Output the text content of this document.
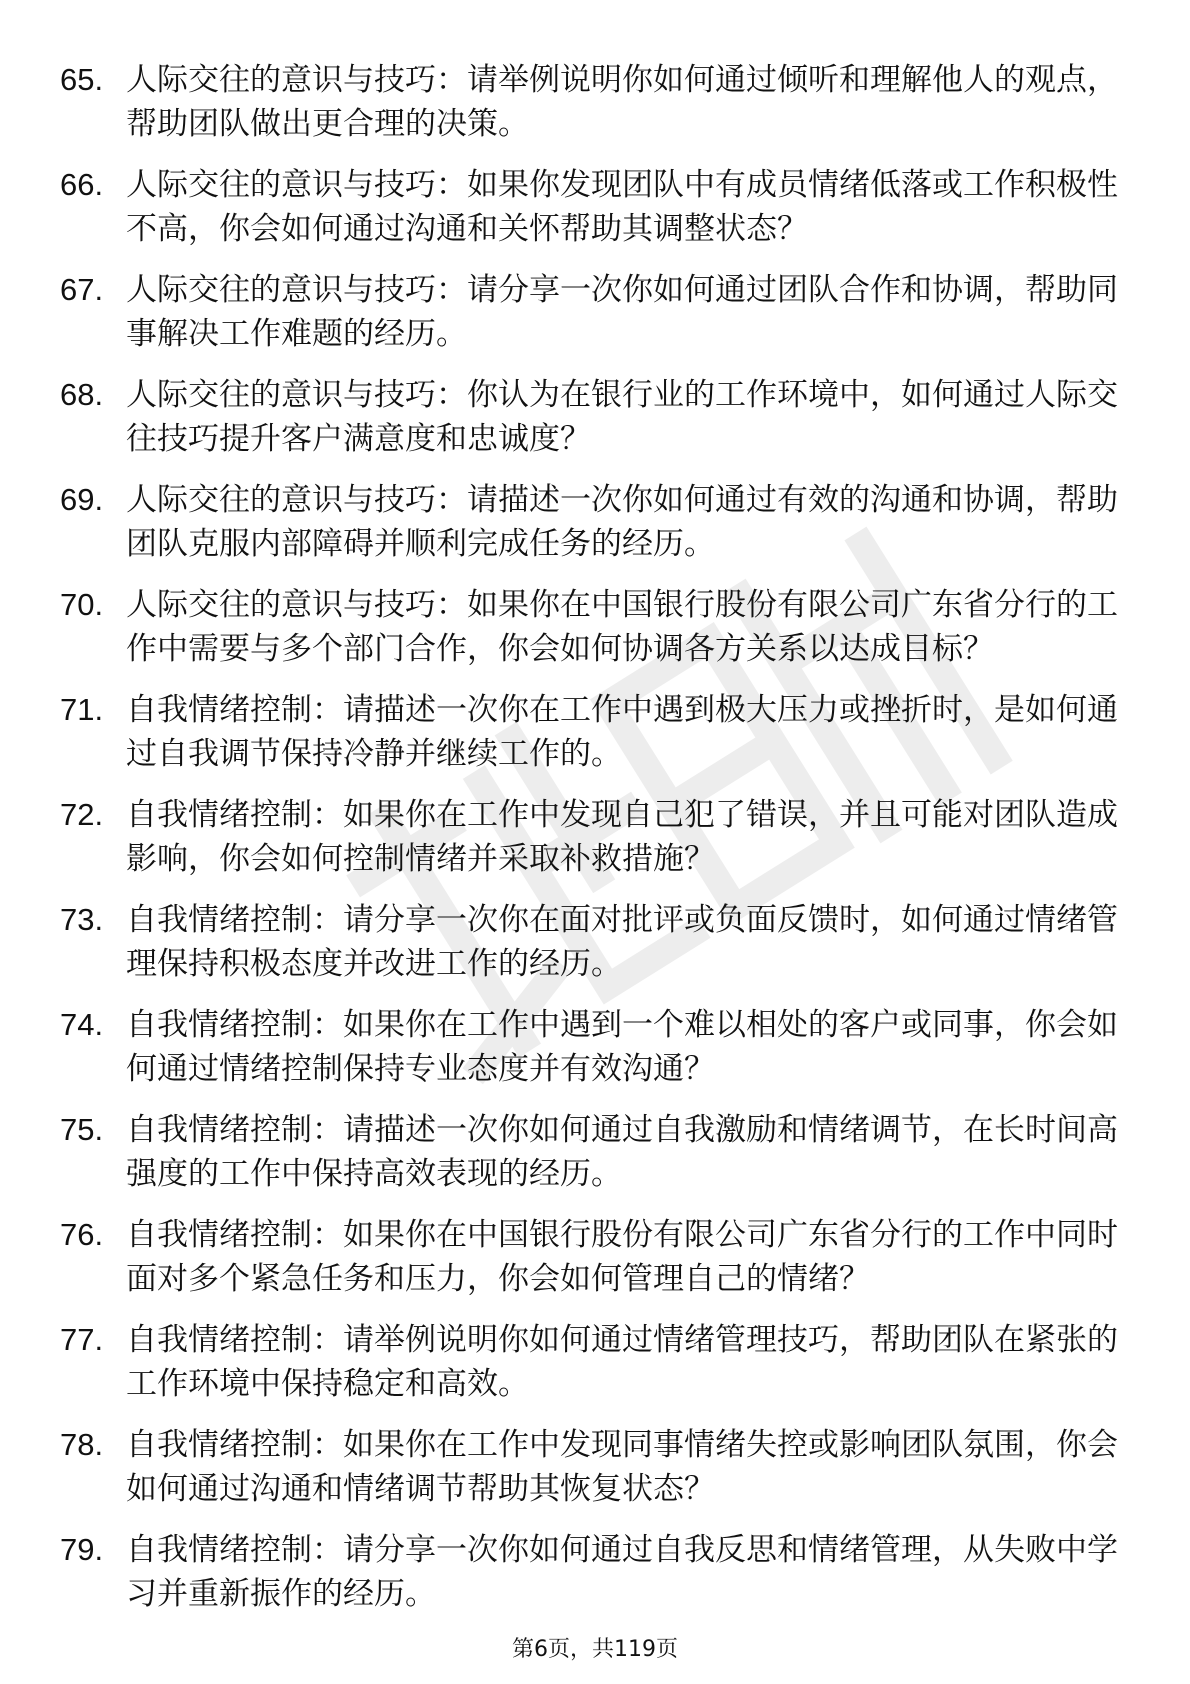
65. 人际交往的意识与技巧：请举例说明你如何通过倾听和理解他人的观点，帮助团队做出更合理的决策。
66. 人际交往的意识与技巧：如果你发现团队中有成员情绪低落或工作积极性不高，你会如何通过沟通和关怀帮助其调整状态？
67. 人际交往的意识与技巧：请分享一次你如何通过团队合作和协调，帮助同事解决工作难题的经历。
68. 人际交往的意识与技巧：你认为在银行业的工作环境中，如何通过人际交往技巧提升客户满意度和忠诚度？
69. 人际交往的意识与技巧：请描述一次你如何通过有效的沟通和协调，帮助团队克服内部障碍并顺利完成任务的经历。
70. 人际交往的意识与技巧：如果你在中国银行股份有限公司广东省分行的工作中需要与多个部门合作，你会如何协调各方关系以达成目标？
71. 自我情绪控制：请描述一次你在工作中遇到极大压力或挫折时，是如何通过自我调节保持冷静并继续工作的。
72. 自我情绪控制：如果你在工作中发现自己犯了错误，并且可能对团队造成影响，你会如何控制情绪并采取补救措施？
73. 自我情绪控制：请分享一次你在面对批评或负面反馈时，如何通过情绪管理保持积极态度并改进工作的经历。
74. 自我情绪控制：如果你在工作中遇到一个难以相处的客户或同事，你会如何通过情绪控制保持专业态度并有效沟通？
75. 自我情绪控制：请描述一次你如何通过自我激励和情绪调节，在长时间高强度的工作中保持高效表现的经历。
76. 自我情绪控制：如果你在中国银行股份有限公司广东省分行的工作中同时面对多个紧急任务和压力，你会如何管理自己的情绪？
77. 自我情绪控制：请举例说明你如何通过情绪管理技巧，帮助团队在紧张的工作环境中保持稳定和高效。
78. 自我情绪控制：如果你在工作中发现同事情绪失控或影响团队氛围，你会如何通过沟通和情绪调节帮助其恢复状态？
79. 自我情绪控制：请分享一次你如何通过自我反思和情绪管理，从失败中学习并重新振作的经历。
第6页，共119页
